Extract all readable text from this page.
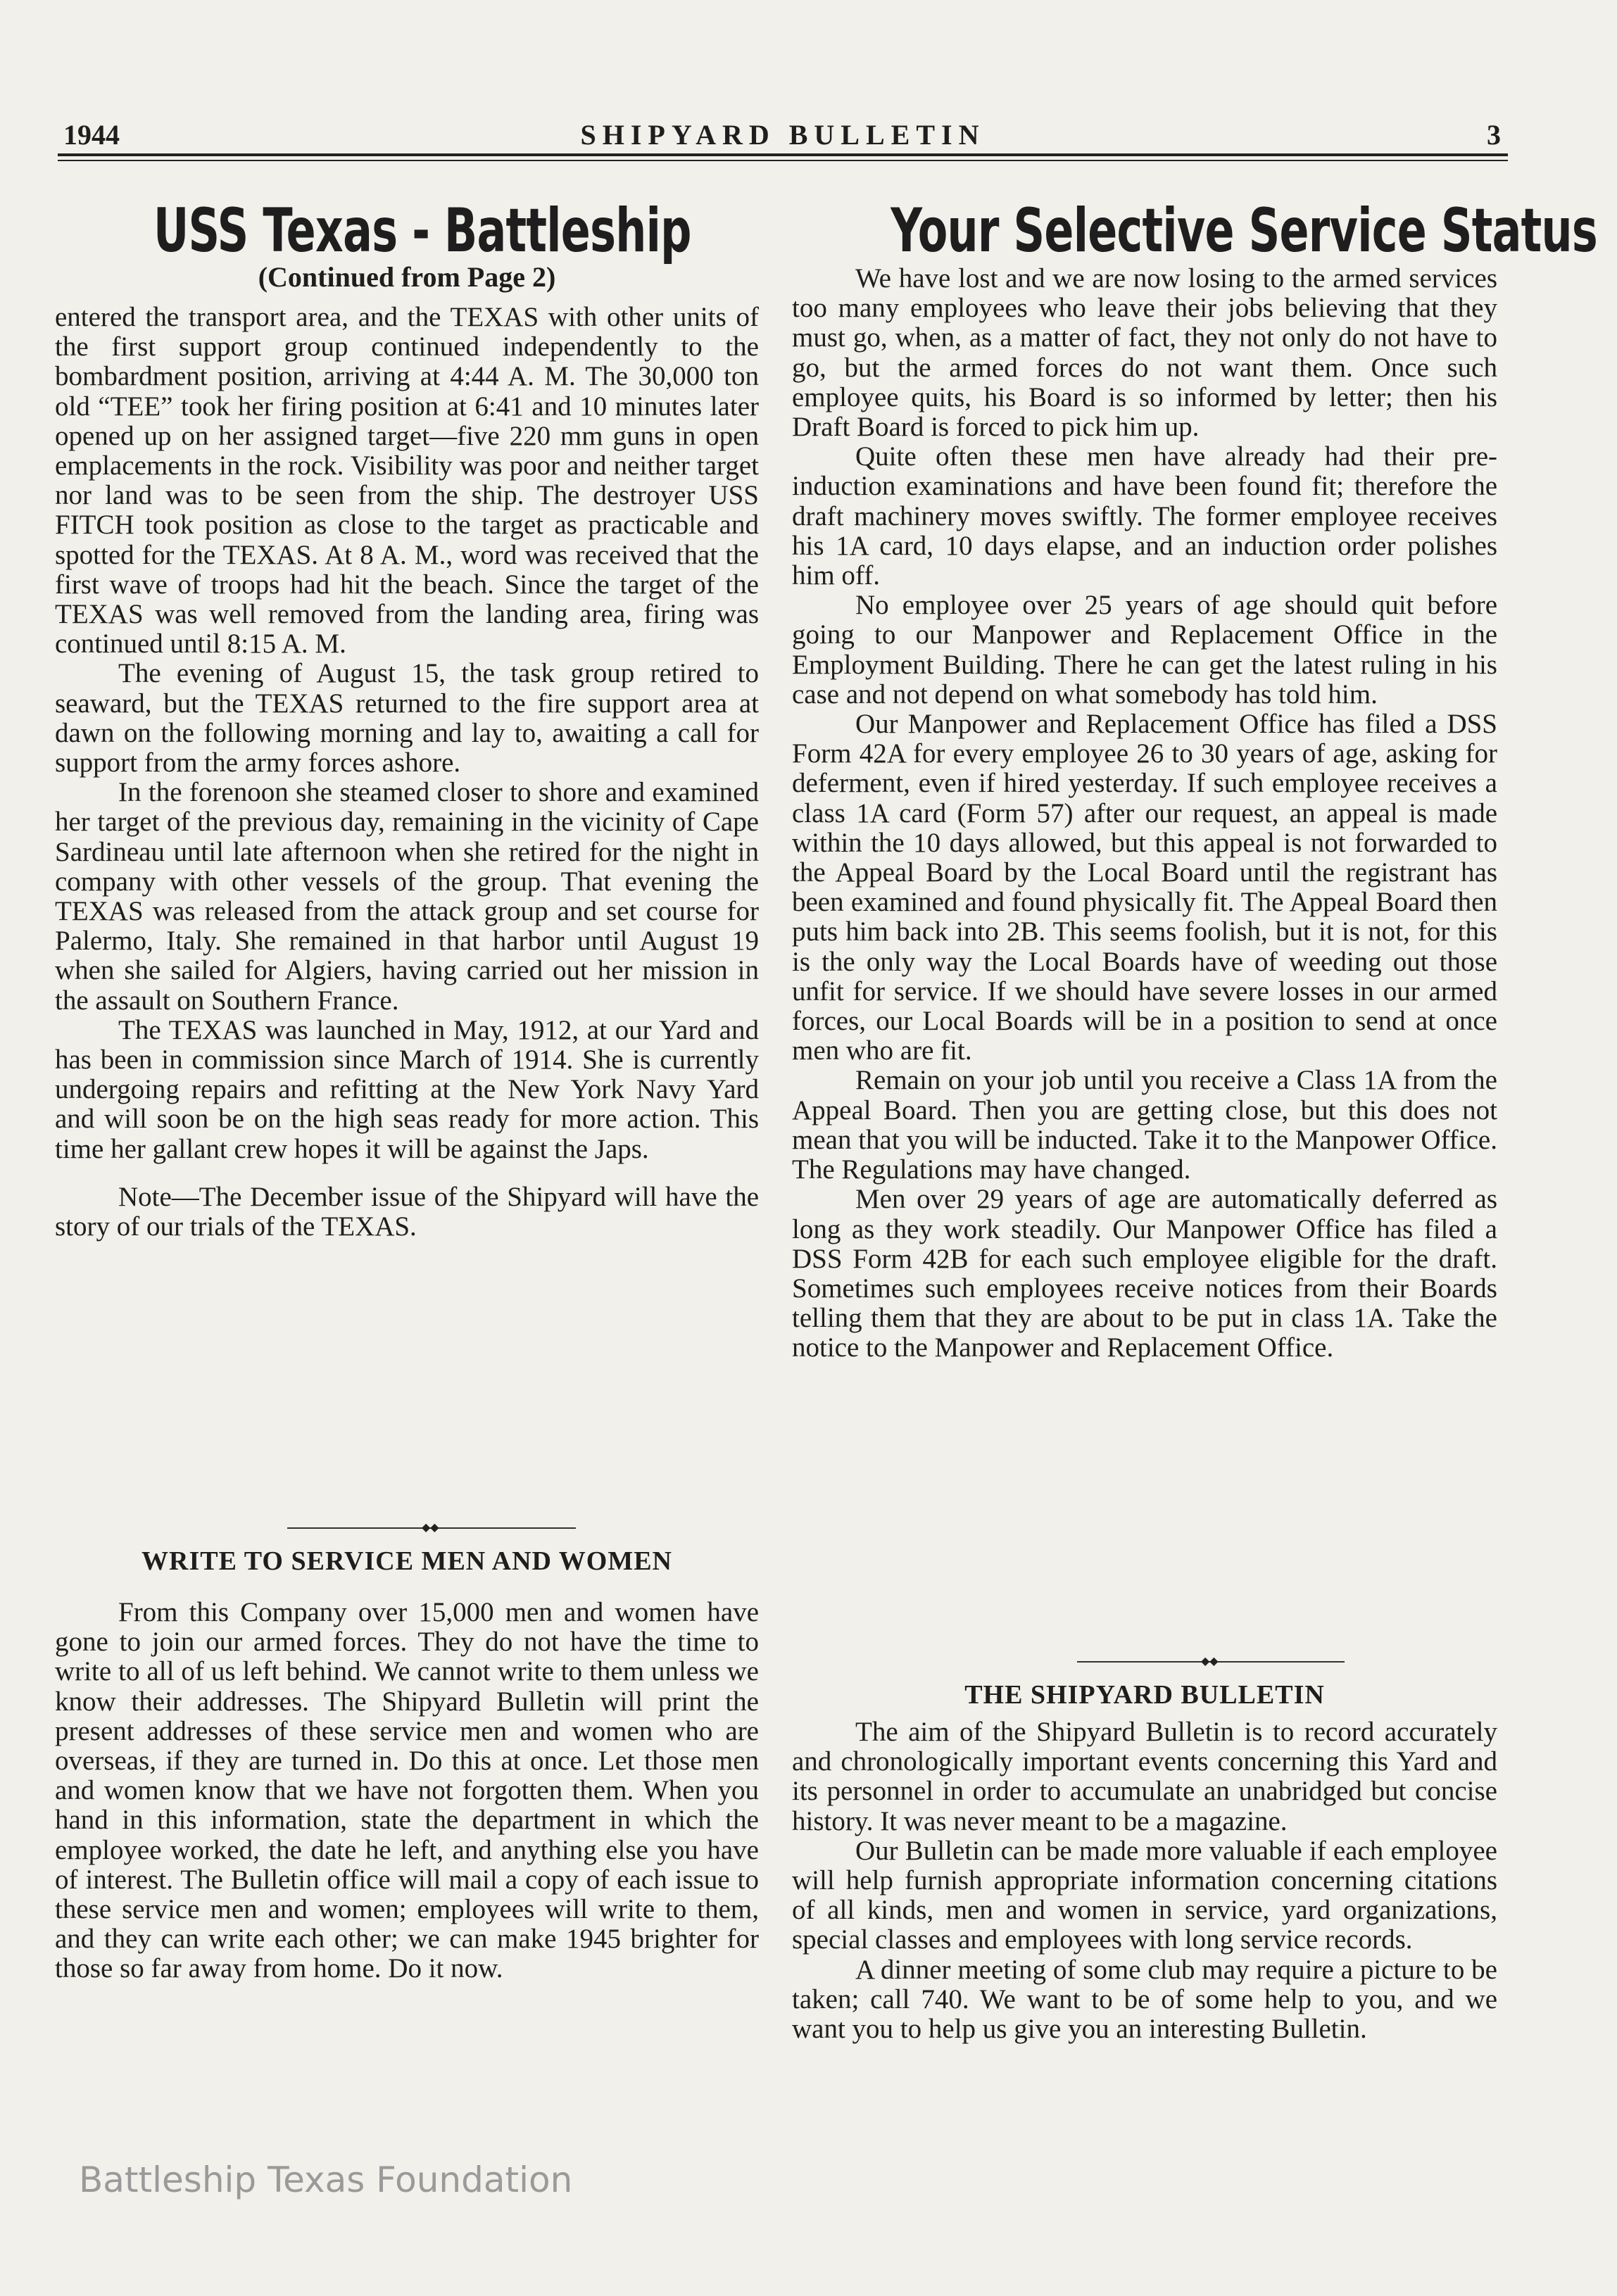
1944	SHIPYARD BULLETIN	3
USS Texas - Battleship
(Continued from Page 2)

entered the transport area, and the TEXAS with other units of the first support group continued independently to the bombardment position, arriving at 4:44 A. M. The 30,000 ton old “TEE” took her firing position at 6:41 and 10 minutes later opened up on her assigned target—five 220 mm guns in open emplacements in the rock. Visibility was poor and neither target nor land was to be seen from the ship. The destroyer USS FITCH took position as close to the target as practicable and spotted for the TEXAS. At 8 A. M., word was received that the first wave of troops had hit the beach. Since the target of the TEXAS was well removed from the landing area, firing was continued until 8:15 A. M.

The evening of August 15, the task group retired to seaward, but the TEXAS returned to the fire support area at dawn on the following morning and lay to, awaiting a call for support from the army forces ashore.

In the forenoon she steamed closer to shore and examined her target of the previous day, remaining in the vicinity of Cape Sardineau until late afternoon when she retired for the night in company with other vessels of the group. That evening the TEXAS was released from the attack group and set course for Palermo, Italy. She remained in that harbor until August 19 when she sailed for Algiers, having carried out her mission in the assault on Southern France.

The TEXAS was launched in May, 1912, at our Yard and has been in commission since March of 1914. She is currently undergoing repairs and refitting at the New York Navy Yard and will soon be on the high seas ready for more action. This time her gallant crew hopes it will be against the Japs.

Note—The December issue of the Shipyard will have the story of our trials of the TEXAS.

◆◆
WRITE TO SERVICE MEN AND WOMEN

From this Company over 15,000 men and women have gone to join our armed forces. They do not have the time to write to all of us left behind. We cannot write to them unless we know their addresses. The Shipyard Bulletin will print the present addresses of these service men and women who are overseas, if they are turned in. Do this at once. Let those men and women know that we have not forgotten them. When you hand in this information, state the department in which the employee worked, the date he left, and anything else you have of interest. The Bulletin office will mail a copy of each issue to these service men and women; employees will write to them, and they can write each other; we can make 1945 brighter for those so far away from home. Do it now.

Your Selective Service Status

We have lost and we are now losing to the armed services too many employees who leave their jobs believing that they must go, when, as a matter of fact, they not only do not have to go, but the armed forces do not want them. Once such employee quits, his Board is so informed by letter; then his Draft Board is forced to pick him up.

Quite often these men have already had their pre-induction examinations and have been found fit; therefore the draft machinery moves swiftly. The former employee receives his 1A card, 10 days elapse, and an induction order polishes him off.

No employee over 25 years of age should quit before going to our Manpower and Replacement Office in the Employment Building. There he can get the latest ruling in his case and not depend on what somebody has told him.

Our Manpower and Replacement Office has filed a DSS Form 42A for every employee 26 to 30 years of age, asking for deferment, even if hired yesterday. If such employee receives a class 1A card (Form 57) after our request, an appeal is made within the 10 days allowed, but this appeal is not forwarded to the Appeal Board by the Local Board until the registrant has been examined and found physically fit. The Appeal Board then puts him back into 2B. This seems foolish, but it is not, for this is the only way the Local Boards have of weeding out those unfit for service. If we should have severe losses in our armed forces, our Local Boards will be in a position to send at once men who are fit.

Remain on your job until you receive a Class 1A from the Appeal Board. Then you are getting close, but this does not mean that you will be inducted. Take it to the Manpower Office. The Regulations may have changed.

Men over 29 years of age are automatically deferred as long as they work steadily. Our Manpower Office has filed a DSS Form 42B for each such employee eligible for the draft. Sometimes such employees receive notices from their Boards telling them that they are about to be put in class 1A. Take the notice to the Manpower and Replacement Office.

◆◆
THE SHIPYARD BULLETIN

The aim of the Shipyard Bulletin is to record accurately and chronologically important events concerning this Yard and its personnel in order to accumulate an unabridged but concise history. It was never meant to be a magazine.

Our Bulletin can be made more valuable if each employee will help furnish appropriate information concerning citations of all kinds, men and women in service, yard organizations, special classes and employees with long service records.

A dinner meeting of some club may require a picture to be taken; call 740. We want to be of some help to you, and we want you to help us give you an interesting Bulletin.

Battleship Texas Foundation
